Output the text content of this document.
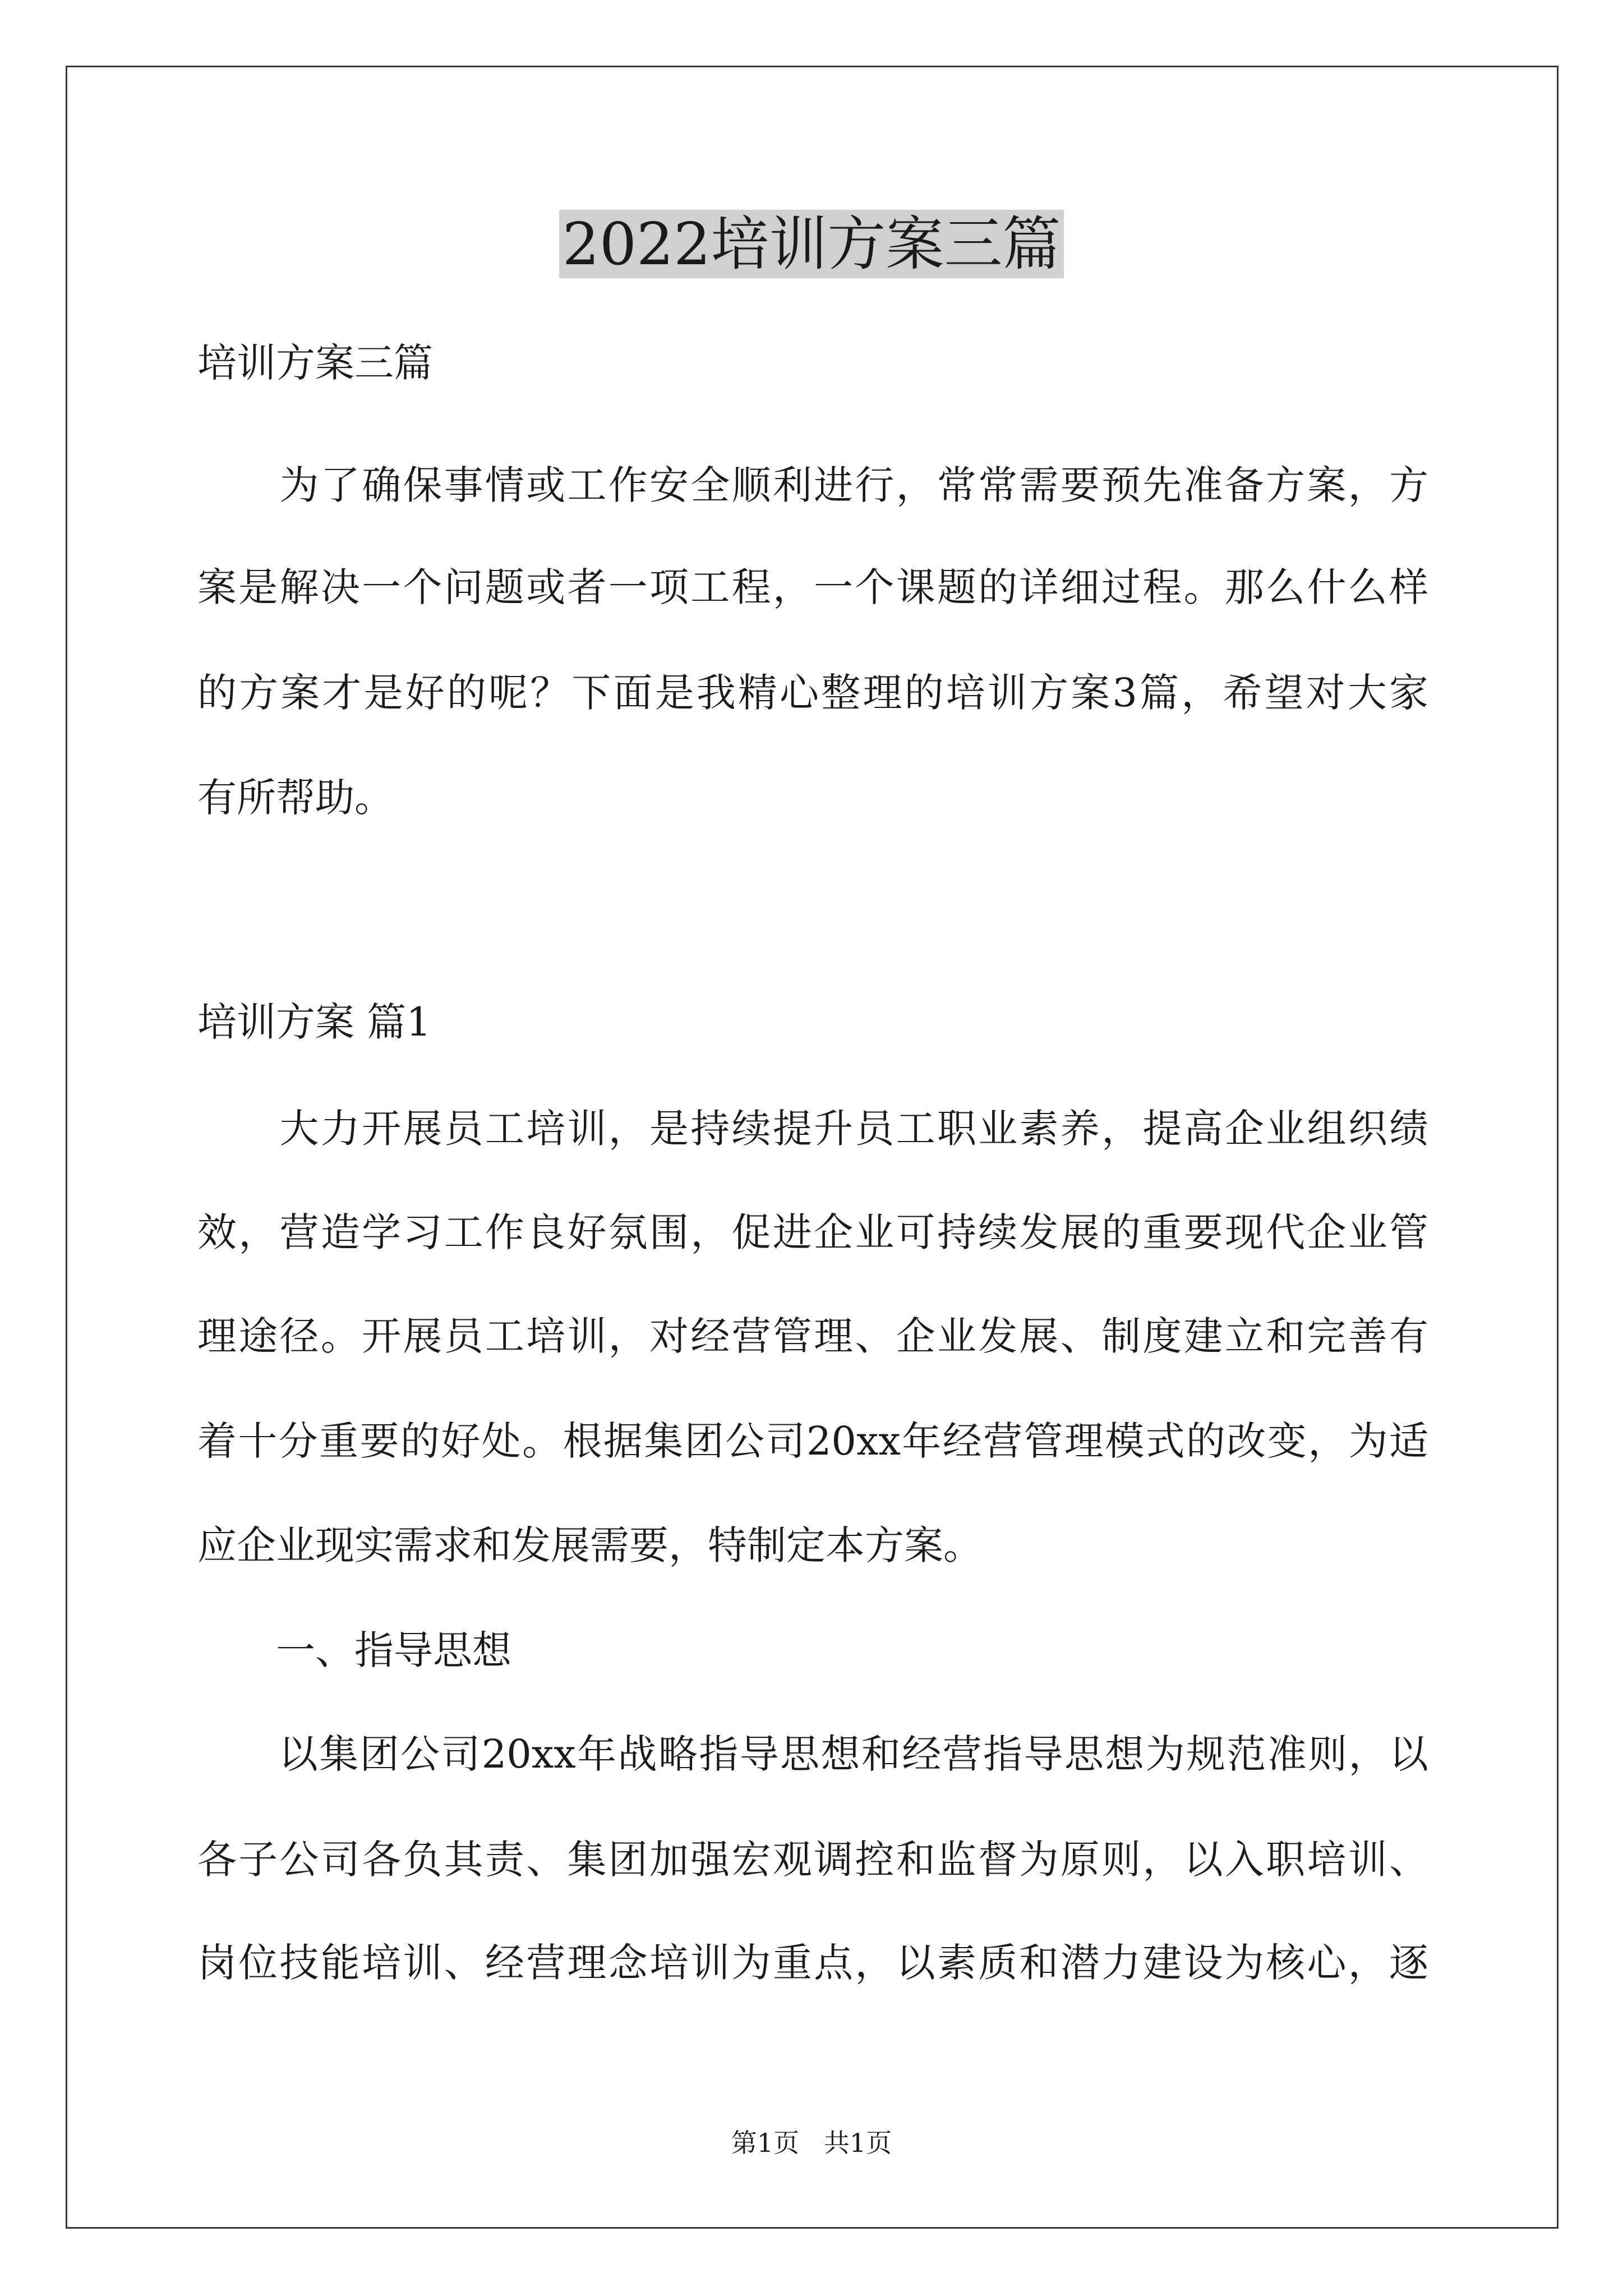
2022培训方案三篇
培训方案三篇
　　为了确保事情或工作安全顺利进行，常常需要预先准备方案，方
案是解决一个问题或者一项工程，一个课题的详细过程。那么什么样
的方案才是好的呢？下面是我精心整理的培训方案3篇，希望对大家
有所帮助。
培训方案 篇1
　　大力开展员工培训，是持续提升员工职业素养，提高企业组织绩
效，营造学习工作良好氛围，促进企业可持续发展的重要现代企业管
理途径。开展员工培训，对经营管理、企业发展、制度建立和完善有
着十分重要的好处。根据集团公司20xx年经营管理模式的改变，为适
应企业现实需求和发展需要，特制定本方案。
　　一、指导思想
　　以集团公司20xx年战略指导思想和经营指导思想为规范准则，以
各子公司各负其责、集团加强宏观调控和监督为原则，以入职培训、
岗位技能培训、经营理念培训为重点，以素质和潜力建设为核心，逐
第1页   共1页
